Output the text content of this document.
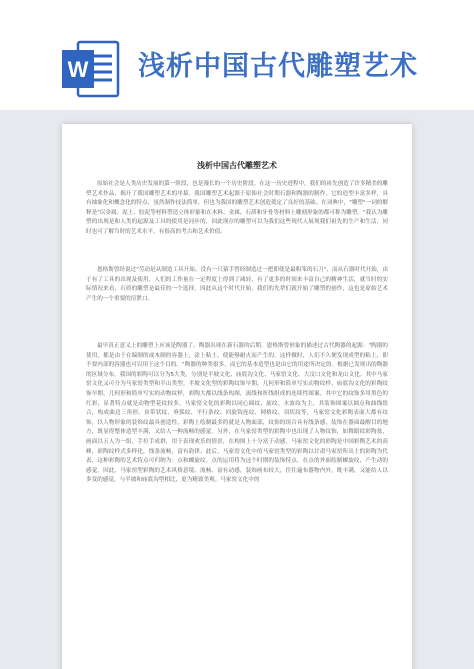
W 浅析中国古代雕塑艺术
浅析中国古代雕塑艺术
原始社会是人类历史发展的第一阶段，也是漫长的一个历史阶段。在这一历史进程中，我们的祖先创造了许多精美的雕塑艺术作品，揭开了我国雕塑艺术的序幕。我国雕塑艺术起源于原始社会时期石器和陶器的制作，它的造型丰富多样，具有抽象化和概念化的特点，虽然制作技法简单，但也为我国的雕塑艺术创造奠定了良好的基础。在词典中，"雕塑"一词的解释是"以金属、泥土、胶泥等材料塑造立体形象和在木料、金属、石质和牙骨等材料上雕刻形象的都可称为雕塑。"我认为雕塑的出现是和人类的起源及工具的使用是同步的，因此现存的雕塑可以为我们这些现代人展现我们祖先的生产和生活，同时也可了解当时的艺术水平，有很高的考古和艺术价值。
恩格斯曾经说过"劳动是从制造工具开始。没有一只猿手曾经制造过一把即使是最粗笨的石刀"，而从石器时代开始，由于有了工具的出现及使用，人们的工作量在一定程度上得到了减轻，有了更多的时间来丰富自己的精神生活，就当时的实际情况来看，石质的雕塑是最佳的一个选择，因此从这个时代开始，我们的先辈们就开始了雕塑的创作，这也是原始艺术产生的一个重要的渲泄口。
最早真正意义上的雕塑上应该是陶器了。陶器出现在新石器的后期。恩格斯曾形象的描述过古代陶器的起源："陶器的使用，都是由于在编制的或木制的容器上，涂上粘土，使能够耐火而产生的。这样做时，人们不久便发现成型的粘土，即不要内部的容器也可以用于这个目的。"陶器的种类很多，而它的基本造型也是由它的用途所决定的。根据已发现出的陶器的区域分布，我国的彩陶可以分为5大类，分别是半坡文化、庙底沟文化、马家窑文化、大汶口文化和龙山文化。其中马家窑文化又可分为马家窑类型和半山类型。半坡文化型的彩陶纹饰早期，几何形和简单写实动物纹样，庙底沟文化的彩陶纹饰早期，几何形和简单写实的动物纹样，彩陶大都以线条构图，流线和折线组成的连续性图案。其中它的纹饰多用黑色的红彩，显著特点就是动物型花纹较多。马家窑文化的彩陶以同心圆纹、旋纹、水波纹为主，其装饰图案以圆点和曲线组合，构成曲边三角形、齿带状纹、垂弧纹、平行条纹、回旋钩连纹、网格纹、羽状纹等，马家窑文化彩陶表面大都有纹饰，以人物形象的装饰纹最具创造性，彩陶上绘制最多的就是人物面部，纹饰的组合具有线条感，装饰在器面最醒目的地方，既显得整体造型丰满，又给人一种流畅的感觉。另外，在马家窑类型的彩陶中也出现了人物纹饰，如舞蹈纹彩陶盆，画面以五人为一组，手拉手成群，用于表现欢乐的情景，在构图上十分富于动感，马家窑文化的彩陶是中国彩陶艺术的高峰，彩陶纹样式多样化，线条流畅，富有韵律。此后，马家窑文化中的马家窑类型的彩陶以甘肃马家窑所出土的彩陶为代表，这种彩陶的艺术特点可归纳为：点和螺旋纹。点的运用将为这个时期的装饰特点，在点的外面绘制螺旋纹，产生动的感觉。因此，马家窑型彩陶的艺术风格意境、流畅、富有动感，装饰画布较大，往往遍布器物内外，既丰满，又能给人以多变的感觉，与半坡和庙底沟型相比，更为精致美观。马家窑文化中的
